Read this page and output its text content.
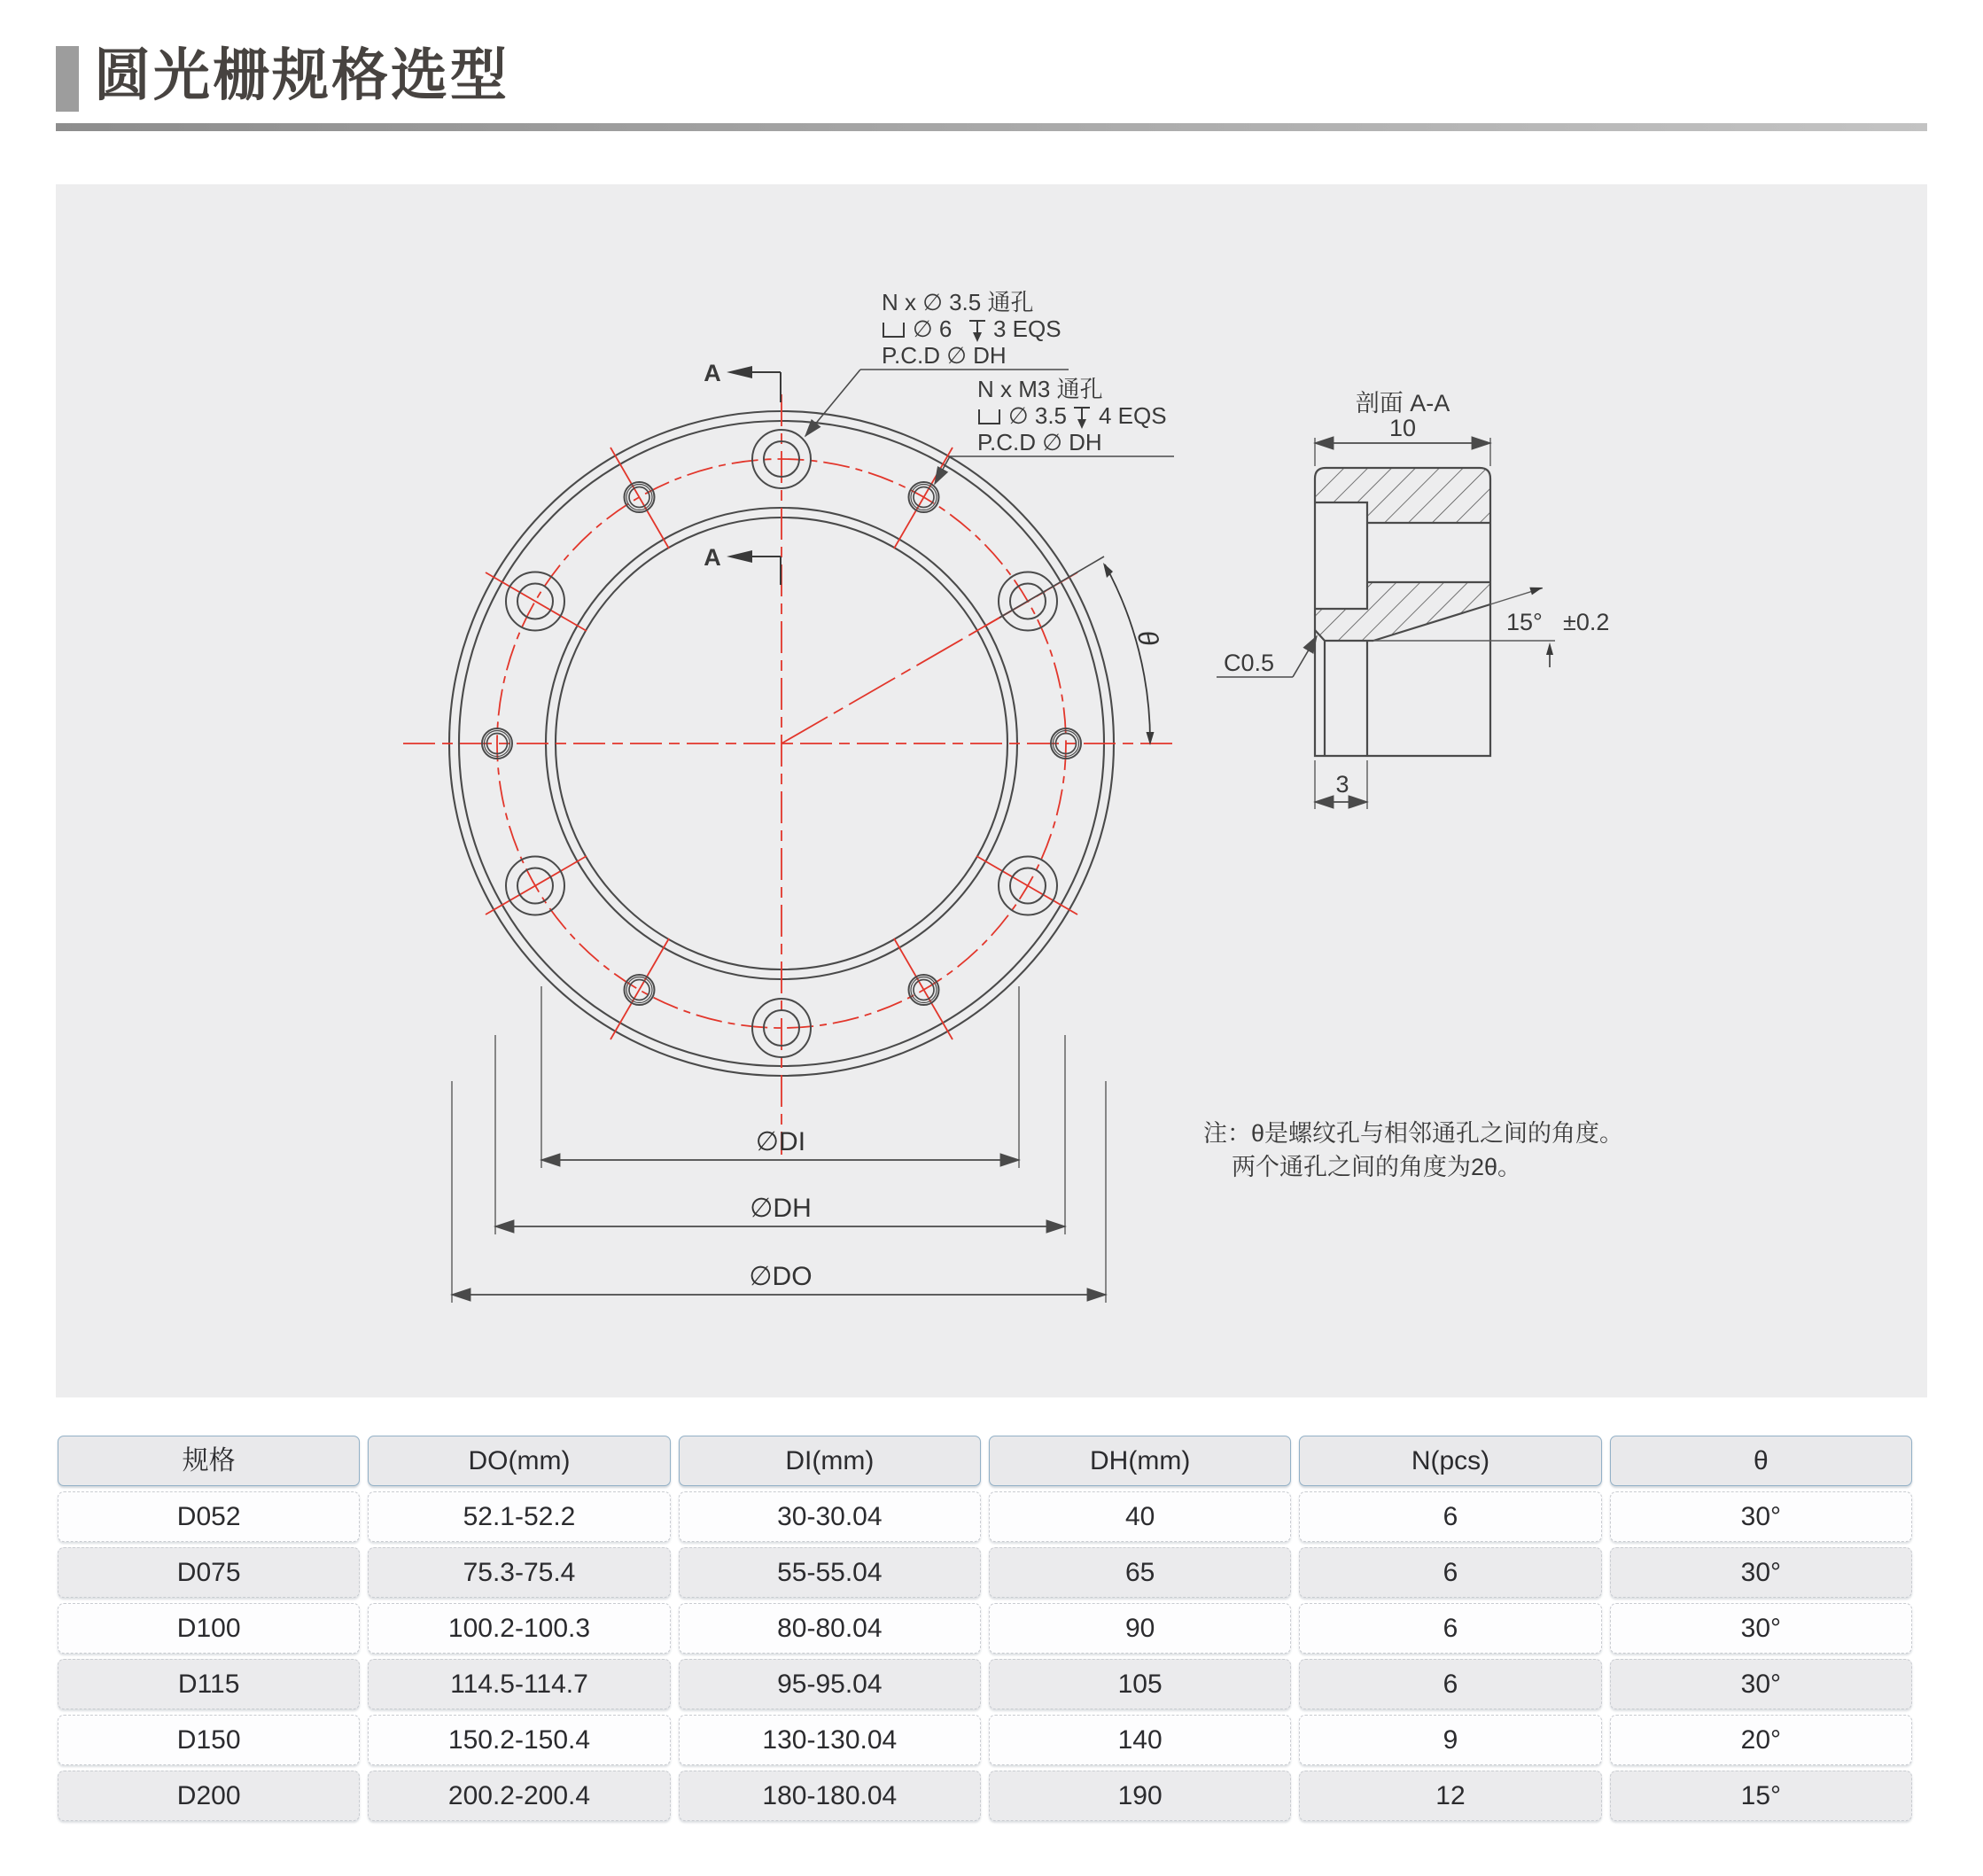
圆光栅规格选型
A
A
N x ∅ 3.5 通孔
∅ 6 3 EQS
P.C.D ∅ DH
N x M3 通孔
∅ 3.5 4 EQS
P.C.D ∅ DH
θ
∅DI
∅DH
∅DO
剖面 A-A
10
15° ±0.2
C0.5
3
注：θ是螺纹孔与相邻通孔之间的角度。
两个通孔之间的角度为2θ。
规格	DO(mm)	DI(mm)	DH(mm)	N(pcs)	θ
D052	52.1-52.2	30-30.04	40	6	30°
D075	75.3-75.4	55-55.04	65	6	30°
D100	100.2-100.3	80-80.04	90	6	30°
D115	114.5-114.7	95-95.04	105	6	30°
D150	150.2-150.4	130-130.04	140	9	20°
D200	200.2-200.4	180-180.04	190	12	15°
